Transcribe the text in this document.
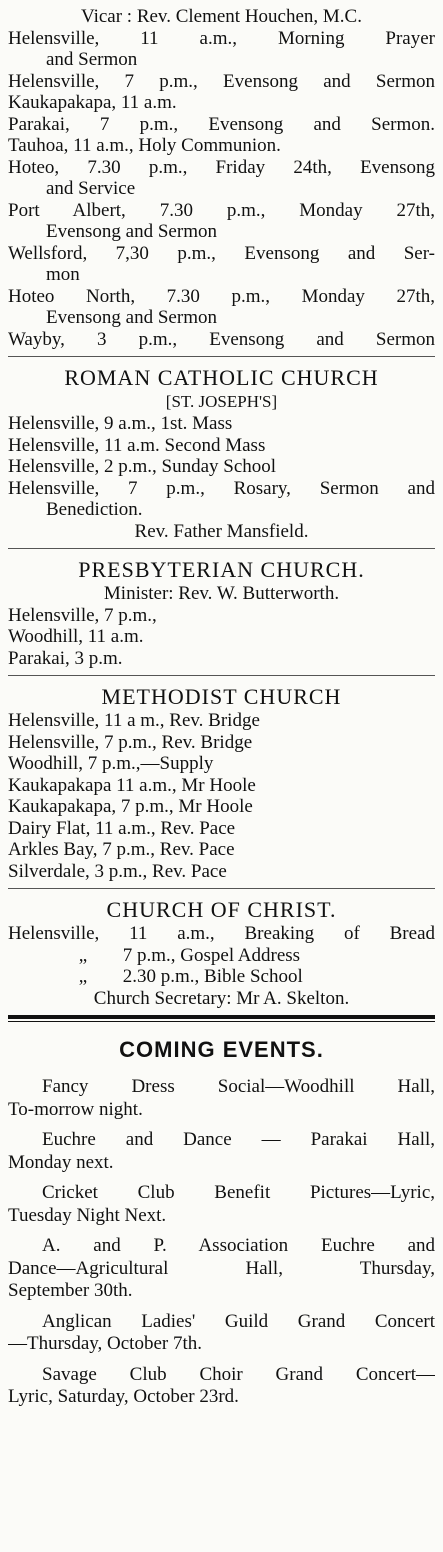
Vicar : Rev. Clement Houchen, M.C.
Helensville, 11 a.m., Morning Prayer
and Sermon
Helensville, 7 p.m., Evensong and Sermon
Kaukapakapa, 11 a.m.
Parakai, 7 p.m., Evensong and Sermon.
Tauhoa, 11 a.m., Holy Communion.
Hoteo, 7.30 p.m., Friday 24th, Evensong
and Service
Port Albert, 7.30 p.m., Monday 27th,
Evensong and Sermon
Wellsford, 7,30 p.m., Evensong and Ser-
mon
Hoteo North, 7.30 p.m., Monday 27th,
Evensong and Sermon
Wayby, 3 p.m., Evensong and Sermon
ROMAN CATHOLIC CHURCH
[ST. JOSEPH'S]
Helensville, 9 a.m., 1st. Mass
Helensville, 11 a.m. Second Mass
Helensville, 2 p.m., Sunday School
Helensville, 7 p.m., Rosary, Sermon and
Benediction.
Rev. Father Mansfield.
PRESBYTERIAN CHURCH.
Minister: Rev. W. Butterworth.
Helensville, 7 p.m.,
Woodhill, 11 a.m.
Parakai, 3 p.m.
METHODIST CHURCH
Helensville, 11 a m., Rev. Bridge
Helensville, 7 p.m., Rev. Bridge
Woodhill, 7 p.m.,—Supply
Kaukapakapa 11 a.m., Mr Hoole
Kaukapakapa, 7 p.m., Mr Hoole
Dairy Flat, 11 a.m., Rev. Pace
Arkles Bay, 7 p.m., Rev. Pace
Silverdale, 3 p.m., Rev. Pace
CHURCH OF CHRIST.
Helensville, 11 a.m., Breaking of Bread
„ 7 p.m., Gospel Address
„ 2.30 p.m., Bible School
Church Secretary: Mr A. Skelton.
COMING EVENTS.
Fancy Dress Social—Woodhill Hall,
To-morrow night.
Euchre and Dance — Parakai Hall,
Monday next.
Cricket Club Benefit Pictures—Lyric,
Tuesday Night Next.
A. and P. Association Euchre and
Dance—Agricultural Hall, Thursday,
September 30th.
Anglican Ladies' Guild Grand Concert
—Thursday, October 7th.
Savage Club Choir Grand Concert—
Lyric, Saturday, October 23rd.
